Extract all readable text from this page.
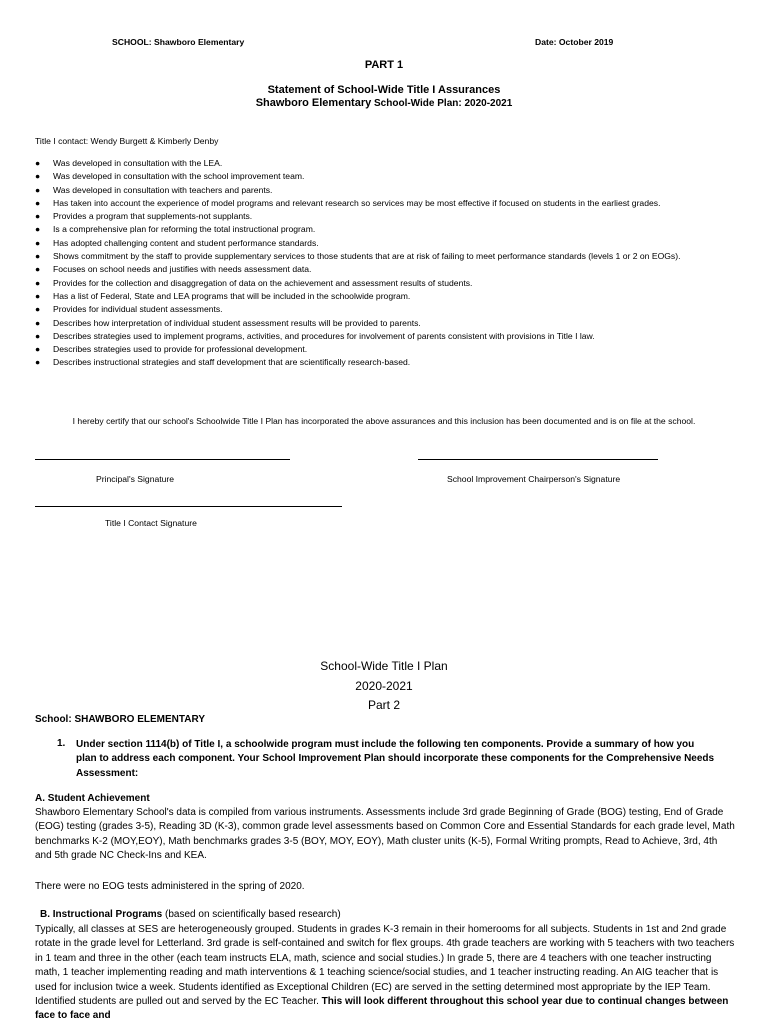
SCHOOL: Shawboro Elementary	Date: October 2019
PART 1
Statement of School-Wide Title I Assurances
Shawboro Elementary School-Wide Plan: 2020-2021
Title I contact: Wendy Burgett & Kimberly Denby
● Was developed in consultation with the LEA.
● Was developed in consultation with the school improvement team.
● Was developed in consultation with teachers and parents.
● Has taken into account the experience of model programs and relevant research so services may be most effective if focused on students in the earliest grades.
● Provides a program that supplements-not supplants.
● Is a comprehensive plan for reforming the total instructional program.
● Has adopted challenging content and student performance standards.
● Shows commitment by the staff to provide supplementary services to those students that are at risk of failing to meet performance standards (levels 1 or 2 on EOGs).
● Focuses on school needs and justifies with needs assessment data.
● Provides for the collection and disaggregation of data on the achievement and assessment results of students.
● Has a list of Federal, State and LEA programs that will be included in the schoolwide program.
● Provides for individual student assessments.
● Describes how interpretation of individual student assessment results will be provided to parents.
● Describes strategies used to implement programs, activities, and procedures for involvement of parents consistent with provisions in Title I law.
● Describes strategies used to provide for professional development.
● Describes instructional strategies and staff development that are scientifically research-based.
I hereby certify that our school's Schoolwide Title I Plan has incorporated the above assurances and this inclusion has been documented and is on file at the school.
Principal's Signature	School Improvement Chairperson's Signature
Title I Contact Signature
School-Wide Title I Plan
2020-2021
Part 2
School: SHAWBORO ELEMENTARY
1. Under section 1114(b) of Title I, a schoolwide program must include the following ten components. Provide a summary of how you plan to address each component. Your School Improvement Plan should incorporate these components for the Comprehensive Needs Assessment:
A. Student Achievement
Shawboro Elementary School's data is compiled from various instruments. Assessments include 3rd grade Beginning of Grade (BOG) testing, End of Grade (EOG) testing (grades 3-5), Reading 3D (K-3), common grade level assessments based on Common Core and Essential Standards for each grade level, Math benchmarks K-2 (MOY,EOY), Math benchmarks grades 3-5 (BOY, MOY, EOY), Math cluster units (K-5), Formal Writing prompts, Read to Achieve, 3rd, 4th and 5th grade NC Check-Ins and KEA.
There were no EOG tests administered in the spring of 2020.
B. Instructional Programs (based on scientifically based research)
Typically, all classes at SES are heterogeneously grouped. Students in grades K-3 remain in their homerooms for all subjects. Students in 1st and 2nd grade rotate in the grade level for Letterland. 3rd grade is self-contained and switch for flex groups. 4th grade teachers are working with 5 teachers with two teachers in 1 team and three in the other (each team instructs ELA, math, science and social studies.) In grade 5, there are 4 teachers with one teacher instructing math, 1 teacher implementing reading and math interventions & 1 teaching science/social studies, and 1 teacher instructing reading. An AIG teacher that is used for inclusion twice a week. Students identified as Exceptional Children (EC) are served in the setting determined most appropriate by the IEP Team. Identified students are pulled out and served by the EC Teacher. This will look different throughout this school year due to continual changes between face to face and
